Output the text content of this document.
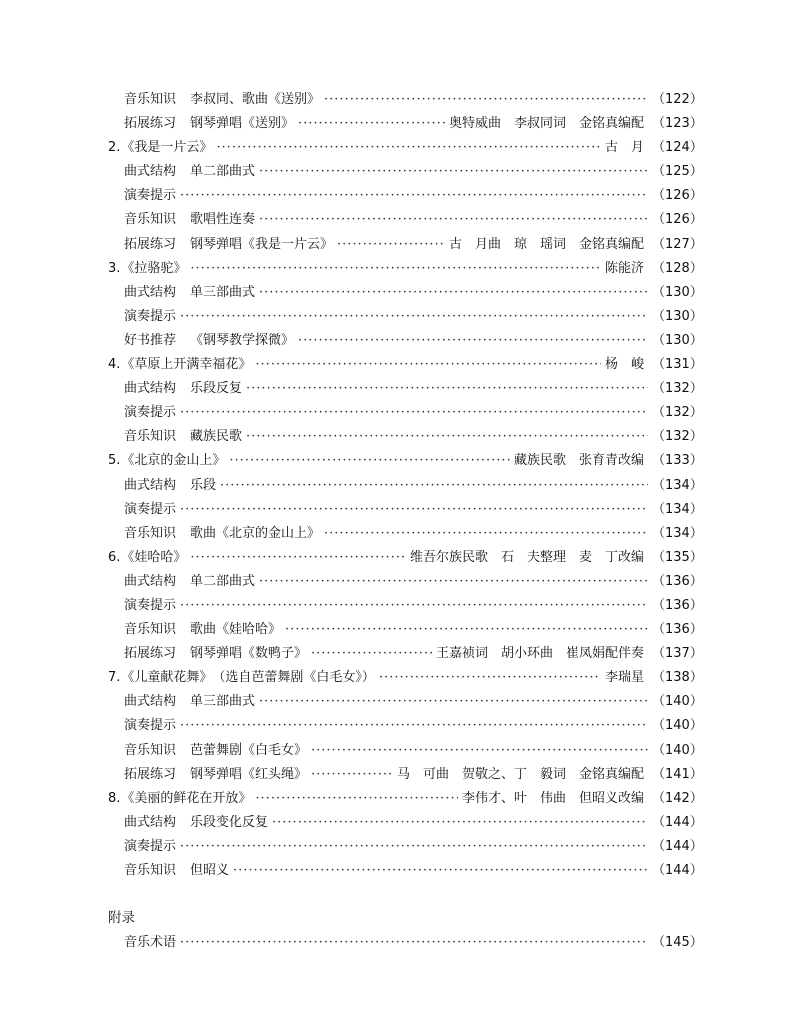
音乐知识 李叔同、歌曲《送别》 ·····	（122）
拓展练习 钢琴弹唱《送别》 ·····	奥特威曲　李叔同词　金铭真编配 （123）
2. 《我是一片云》 ·····	古　月 （124）
曲式结构 单二部曲式 ·····	（125）
演奏提示 ·····	（126）
音乐知识 歌唱性连奏 ·····	（126）
拓展练习 钢琴弹唱《我是一片云》 ·····	古　月曲　琼　瑶词　金铭真编配 （127）
3. 《拉骆驼》 ·····	陈能济 （128）
曲式结构 单三部曲式 ·····	（130）
演奏提示 ·····	（130）
好书推荐 《钢琴教学探微》 ·····	（130）
4. 《草原上开满幸福花》 ·····	杨　峻 （131）
曲式结构 乐段反复 ·····	（132）
演奏提示 ·····	（132）
音乐知识 藏族民歌 ·····	（132）
5. 《北京的金山上》 ·····	藏族民歌　张育青改编 （133）
曲式结构 乐段 ·····	（134）
演奏提示 ·····	（134）
音乐知识 歌曲《北京的金山上》 ·····	（134）
6. 《娃哈哈》 ·····	维吾尔族民歌　石　夫整理　麦　丁改编 （135）
曲式结构 单二部曲式 ·····	（136）
演奏提示 ·····	（136）
音乐知识 歌曲《娃哈哈》 ·····	（136）
拓展练习 钢琴弹唱《数鸭子》 ·····	王嘉祯词　胡小环曲　崔凤娟配伴奏 （137）
7. 《儿童献花舞》 （选自芭蕾舞剧《白毛女》） ·····	李瑞星 （138）
曲式结构 单三部曲式 ·····	（140）
演奏提示 ·····	（140）
音乐知识 芭蕾舞剧《白毛女》 ·····	（140）
拓展练习 钢琴弹唱《红头绳》 ·····	马　可曲　贺敬之、丁　毅词　金铭真编配 （141）
8. 《美丽的鲜花在开放》 ·····	李伟才、叶　伟曲　但昭义改编 （142）
曲式结构 乐段变化反复 ·····	（144）
演奏提示 ·····	（144）
音乐知识 但昭义 ·····	（144）
附录
音乐术语 ·····	（145）
